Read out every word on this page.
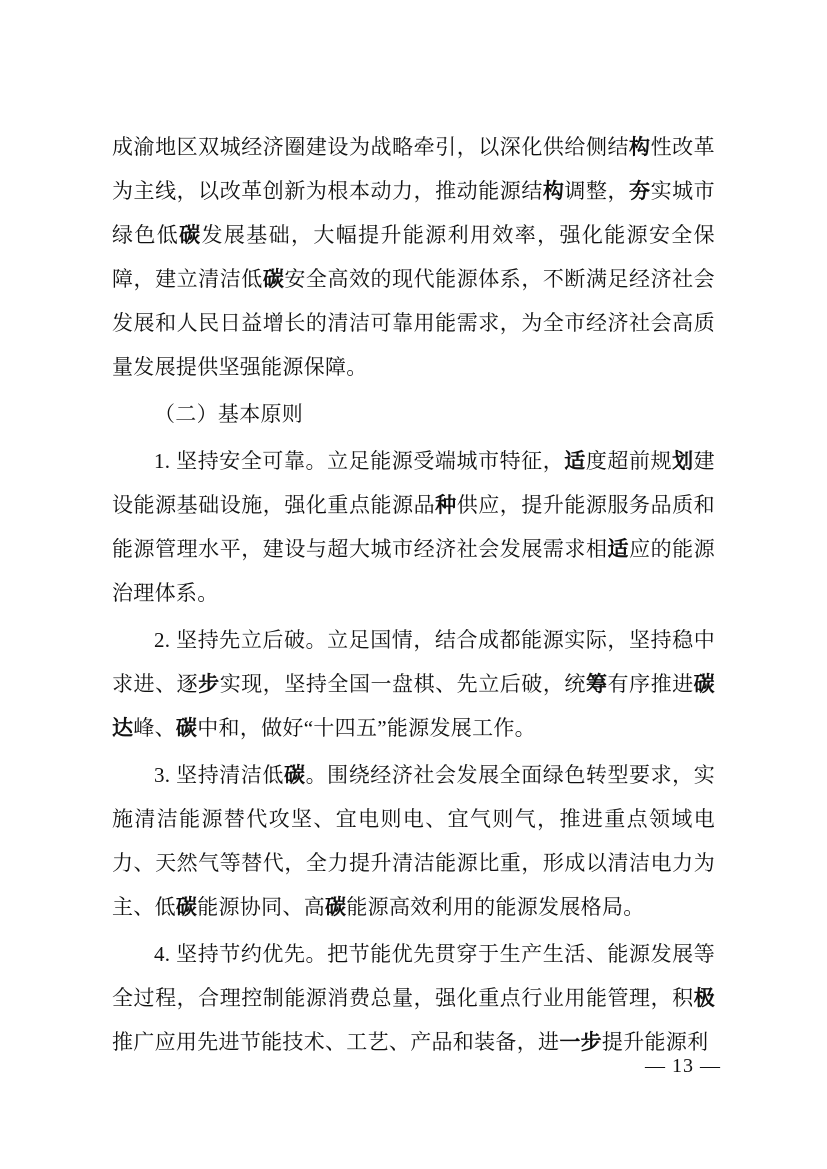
成渝地区双城经济圈建设为战略牵引，以深化供给侧结构性改革为主线，以改革创新为根本动力，推动能源结构调整，夯实城市绿色低碳发展基础，大幅提升能源利用效率，强化能源安全保障，建立清洁低碳安全高效的现代能源体系，不断满足经济社会发展和人民日益增长的清洁可靠用能需求，为全市经济社会高质量发展提供坚强能源保障。

（二）基本原则

1. 坚持安全可靠。立足能源受端城市特征，适度超前规划建设能源基础设施，强化重点能源品种供应，提升能源服务品质和能源管理水平，建设与超大城市经济社会发展需求相适应的能源治理体系。

2. 坚持先立后破。立足国情，结合成都能源实际，坚持稳中求进、逐步实现，坚持全国一盘棋、先立后破，统筹有序推进碳达峰、碳中和，做好“十四五”能源发展工作。

3. 坚持清洁低碳。围绕经济社会发展全面绿色转型要求，实施清洁能源替代攻坚、宜电则电、宜气则气，推进重点领域电力、天然气等替代，全力提升清洁能源比重，形成以清洁电力为主、低碳能源协同、高碳能源高效利用的能源发展格局。

4. 坚持节约优先。把节能优先贯穿于生产生活、能源发展等全过程，合理控制能源消费总量，强化重点行业用能管理，积极推广应用先进节能技术、工艺、产品和装备，进一步提升能源利

— 13 —
